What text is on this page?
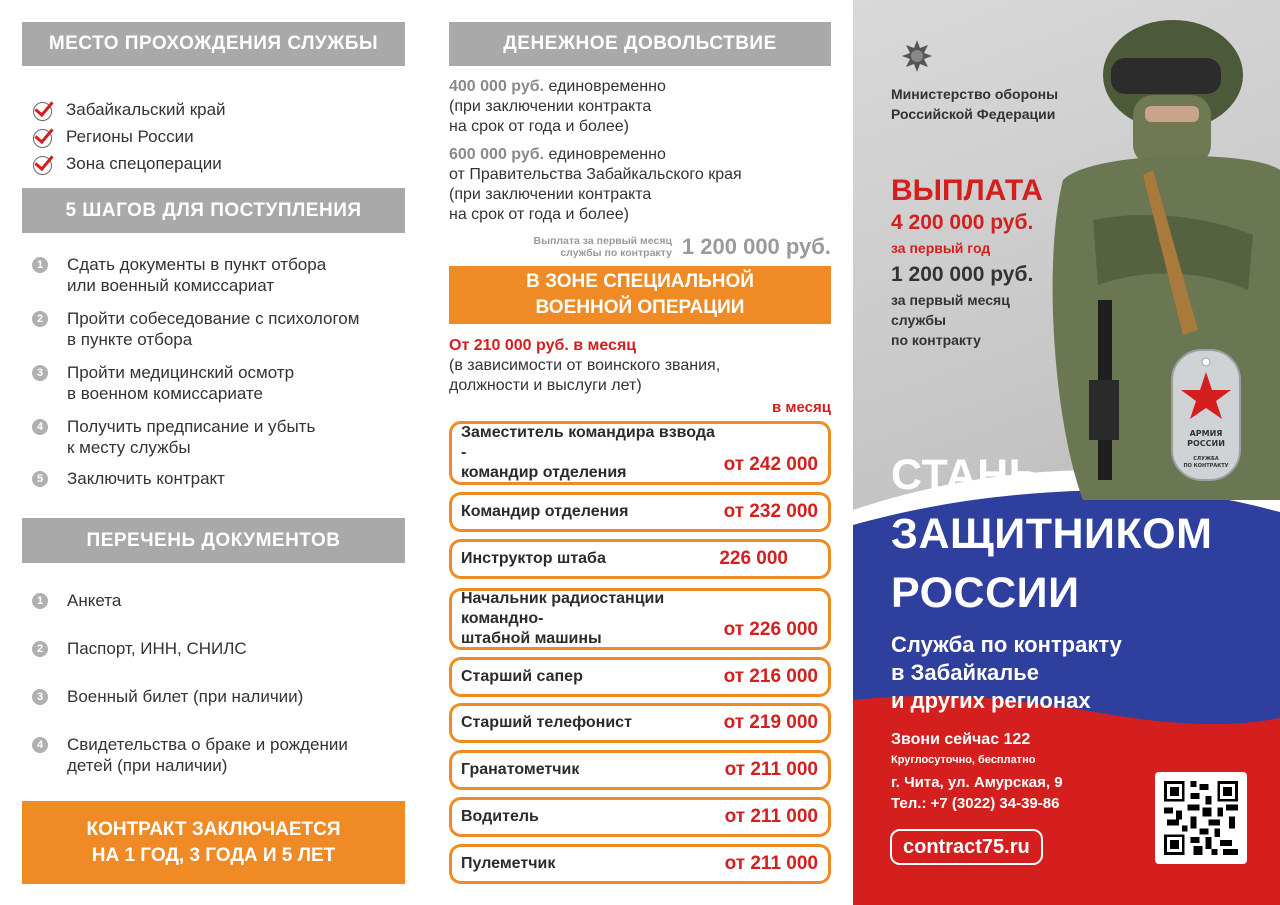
МЕСТО ПРОХОЖДЕНИЯ СЛУЖБЫ
Забайкальский край
Регионы России
Зона спецоперации
5 ШАГОВ ДЛЯ ПОСТУПЛЕНИЯ
1 Сдать документы в пункт отбора
или военный комиссариат
2 Пройти собеседование с психологом
в пункте отбора
3 Пройти медицинский осмотр
в военном комиссариате
4 Получить предписание и убыть
к месту службы
5 Заключить контракт
ПЕРЕЧЕНЬ ДОКУМЕНТОВ
1 Анкета
2 Паспорт, ИНН, СНИЛС
3 Военный билет (при наличии)
4 Свидетельства о браке и рождении
детей (при наличии)
КОНТРАКТ ЗАКЛЮЧАЕТСЯ
НА 1 ГОД, 3 ГОДА И 5 ЛЕТ
ДЕНЕЖНОЕ ДОВОЛЬСТВИЕ
400 000 руб. единовременно
(при заключении контракта
на срок от года и более)
600 000 руб. единовременно
от Правительства Забайкальского края
(при заключении контракта
на срок от года и более)
Выплата за первый месяц
службы по контракту 1 200 000 руб.
В ЗОНЕ СПЕЦИАЛЬНОЙ
ВОЕННОЙ ОПЕРАЦИИ
От 210 000 руб. в месяц
(в зависимости от воинского звания,
должности и выслуги лет)
в месяц
Заместитель командира взвода -
командир отделения	от 242 000
Командир отделения	от 232 000
Инструктор штаба	226 000
Начальник радиостанции командно-
штабной машины	от 226 000
Старший сапер	от 216 000
Старший телефонист	от 219 000
Гранатометчик	от 211 000
Водитель	от 211 000
Пулеметчик	от 211 000
Министерство обороны
Российской Федерации
ВЫПЛАТА
4 200 000 руб.
за первый год
1 200 000 руб.
за первый месяц
службы
по контракту
АРМИЯ
РОССИИ
СЛУЖБА
ПО КОНТРАКТУ
СТАНЬ
ЗАЩИТНИКОМ
РОССИИ
Служба по контракту
в Забайкалье
и других регионах
Звони сейчас 122
Круглосуточно, бесплатно
г. Чита, ул. Амурская, 9
Тел.: +7 (3022) 34-39-86
contract75.ru
